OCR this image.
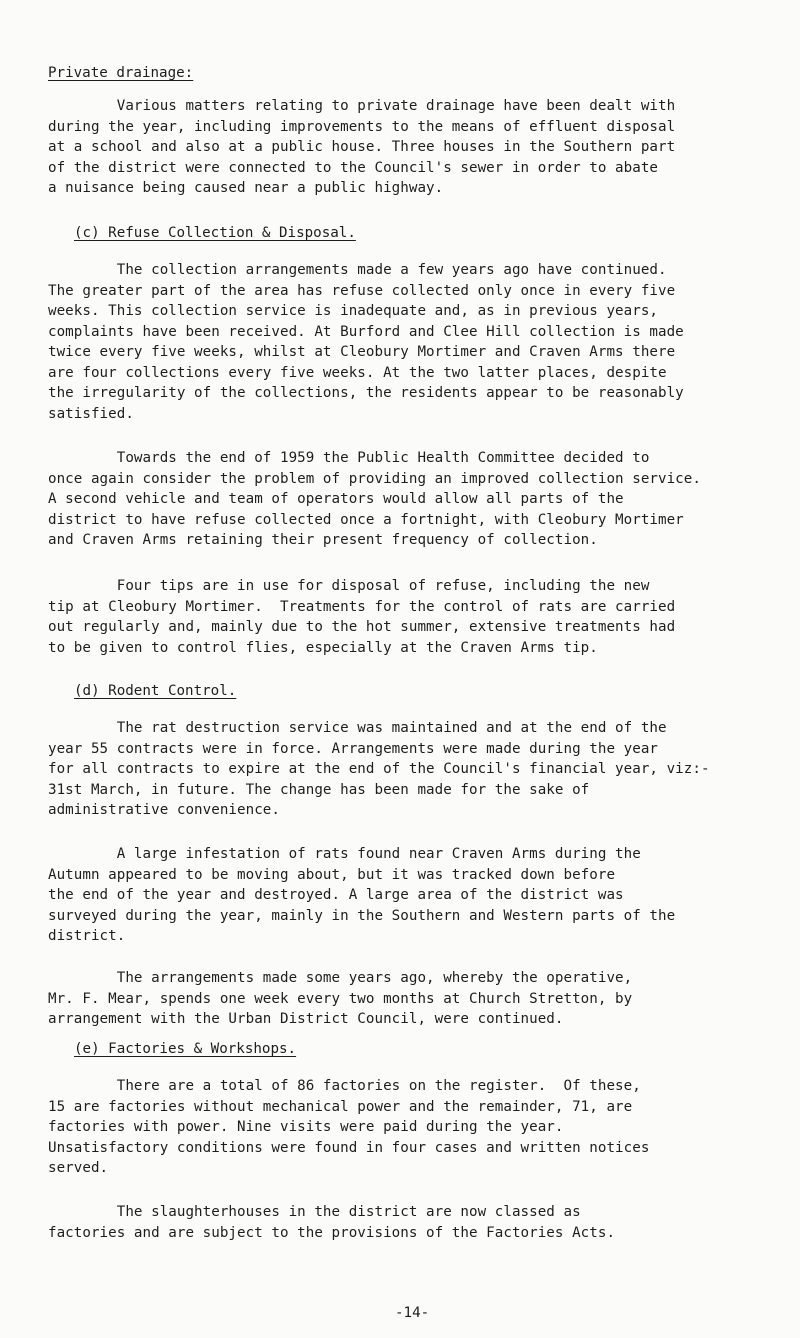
Private drainage:
Various matters relating to private drainage have been dealt with
during the year, including improvements to the means of effluent disposal
at a school and also at a public house. Three houses in the Southern part
of the district were connected to the Council's sewer in order to abate
a nuisance being caused near a public highway.
(c) Refuse Collection & Disposal.
The collection arrangements made a few years ago have continued.
The greater part of the area has refuse collected only once in every five
weeks. This collection service is inadequate and, as in previous years,
complaints have been received. At Burford and Clee Hill collection is made
twice every five weeks, whilst at Cleobury Mortimer and Craven Arms there
are four collections every five weeks. At the two latter places, despite
the irregularity of the collections, the residents appear to be reasonably
satisfied.
Towards the end of 1959 the Public Health Committee decided to
once again consider the problem of providing an improved collection service.
A second vehicle and team of operators would allow all parts of the
district to have refuse collected once a fortnight, with Cleobury Mortimer
and Craven Arms retaining their present frequency of collection.
Four tips are in use for disposal of refuse, including the new
tip at Cleobury Mortimer.  Treatments for the control of rats are carried
out regularly and, mainly due to the hot summer, extensive treatments had
to be given to control flies, especially at the Craven Arms tip.
(d) Rodent Control.
The rat destruction service was maintained and at the end of the
year 55 contracts were in force. Arrangements were made during the year
for all contracts to expire at the end of the Council's financial year, viz:-
31st March, in future. The change has been made for the sake of
administrative convenience.
A large infestation of rats found near Craven Arms during the
Autumn appeared to be moving about, but it was tracked down before
the end of the year and destroyed. A large area of the district was
surveyed during the year, mainly in the Southern and Western parts of the
district.
The arrangements made some years ago, whereby the operative,
Mr. F. Mear, spends one week every two months at Church Stretton, by
arrangement with the Urban District Council, were continued.
(e) Factories & Workshops.
There are a total of 86 factories on the register.  Of these,
15 are factories without mechanical power and the remainder, 71, are
factories with power. Nine visits were paid during the year.
Unsatisfactory conditions were found in four cases and written notices
served.
The slaughterhouses in the district are now classed as
factories and are subject to the provisions of the Factories Acts.
-14-
